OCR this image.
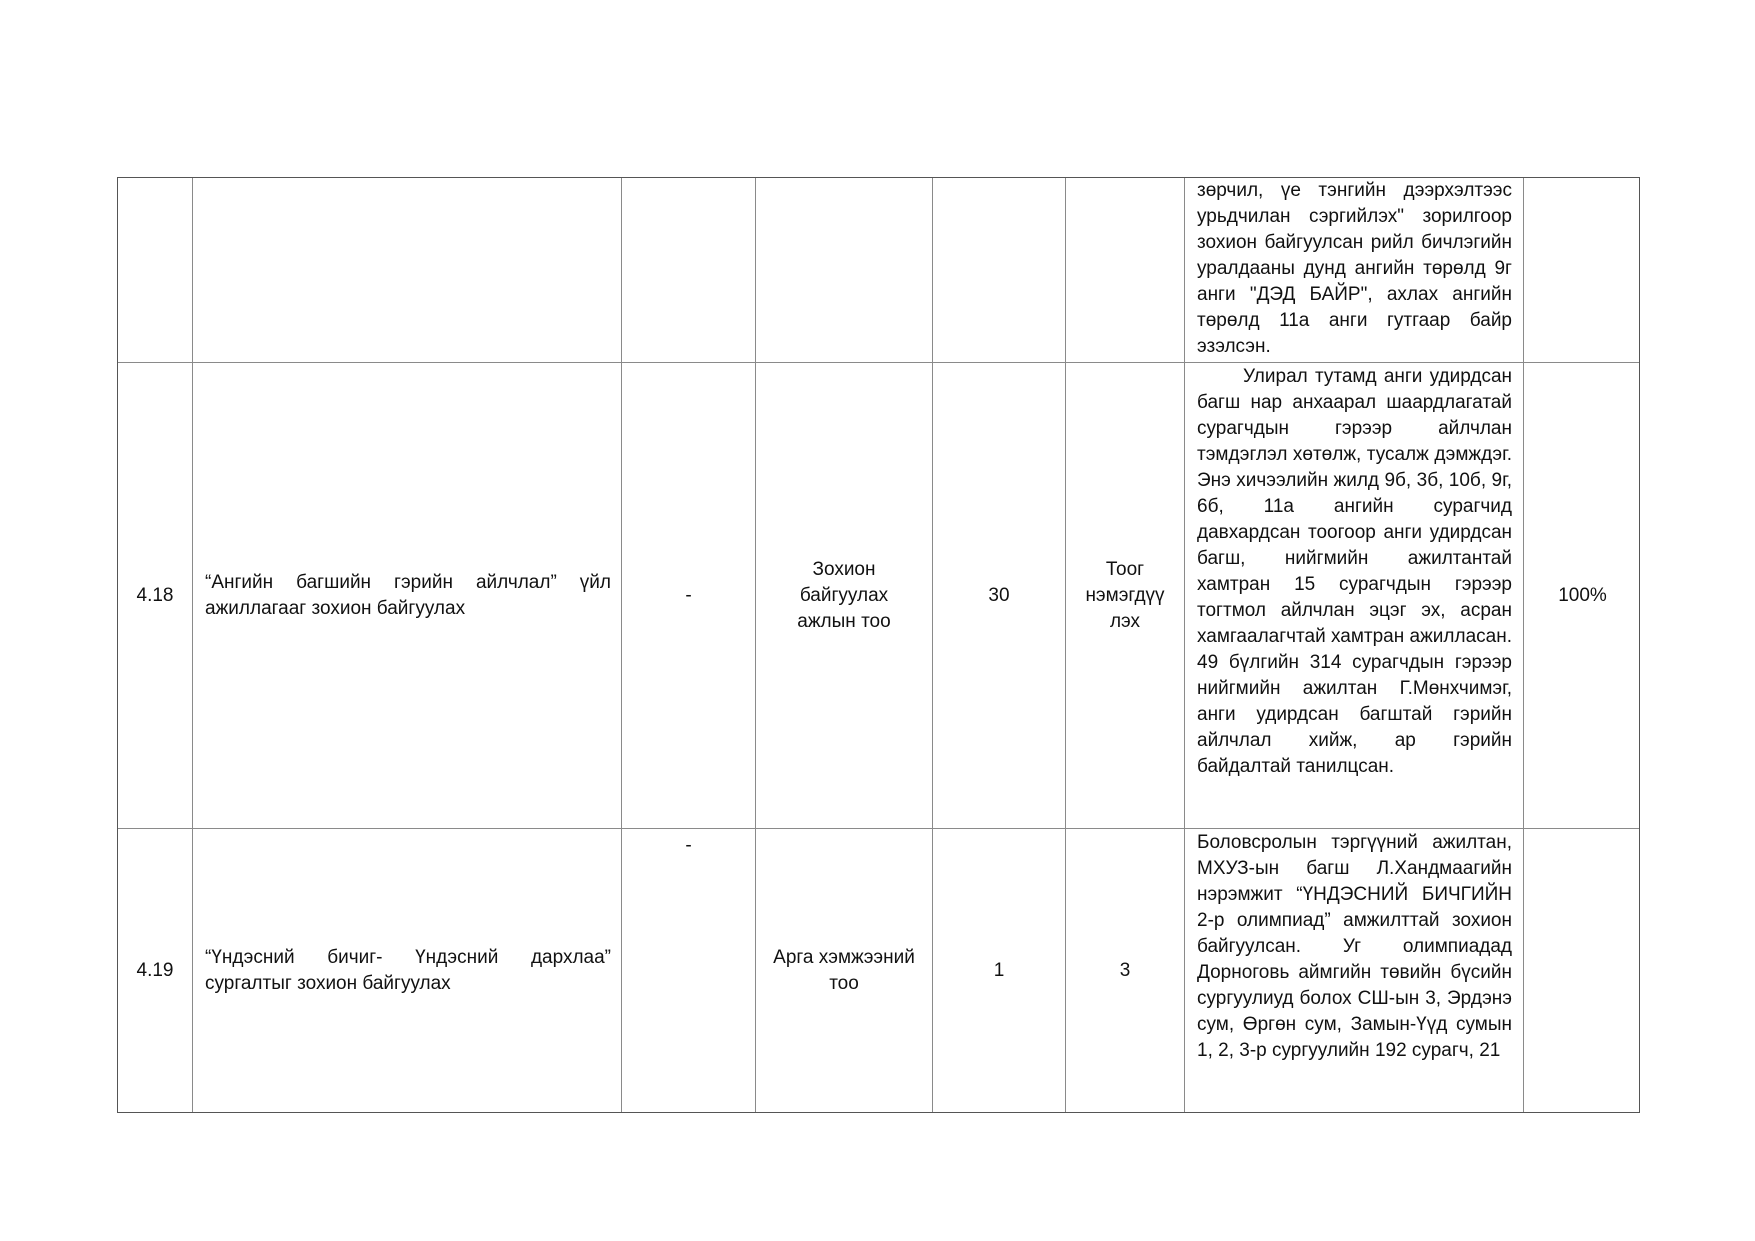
зөрчил, үе тэнгийн дээрхэлтээс урьдчилан сэргийлэх" зорилгоор зохион байгуулсан рийл бичлэгийн уралдааны дунд ангийн төрөлд 9г анги "ДЭД БАЙР", ахлах ангийн төрөлд 11а анги гутгаар байр эзэлсэн.
4.18
“Ангийн багшийн гэрийн айлчлал” үйл ажиллагааг зохион байгуулах
-
Зохион байгуулах ажлын тоо
30
Тоог нэмэгдүү лэх
Улирал тутамд анги удирдсан багш нар анхаарал шаардлагатай сурагчдын гэрээр айлчлан тэмдэглэл хөтөлж, тусалж дэмждэг. Энэ хичээлийн жилд 9б, 3б, 10б, 9г, 6б, 11а ангийн сурагчид давхардсан тоогоор анги удирдсан багш, нийгмийн ажилтантай хамтран 15 сурагчдын гэрээр тогтмол айлчлан эцэг эх, асран хамгаалагчтай хамтран ажилласан.
49 бүлгийн 314 сурагчдын гэрээр нийгмийн ажилтан Г.Мөнхчимэг, анги удирдсан багштай гэрийн айлчлал хийж, ар гэрийн байдалтай танилцсан.
100%
4.19
“Үндэсний бичиг- Үндэсний дархлаа” сургалтыг зохион байгуулах
-
Арга хэмжээний тоо
1	3
Боловсролын тэргүүний ажилтан, МХУЗ-ын багш Л.Хандмаагийн нэрэмжит “ҮНДЭСНИЙ БИЧГИЙН 2-р олимпиад” амжилттай зохион байгуулсан. Уг олимпиадад Дорноговь аймгийн төвийн бүсийн сургуулиуд болох СШ-ын 3, Эрдэнэ сум, Өргөн сум, Замын-Үүд сумын 1, 2, 3-р сургуулийн 192 сурагч, 21
